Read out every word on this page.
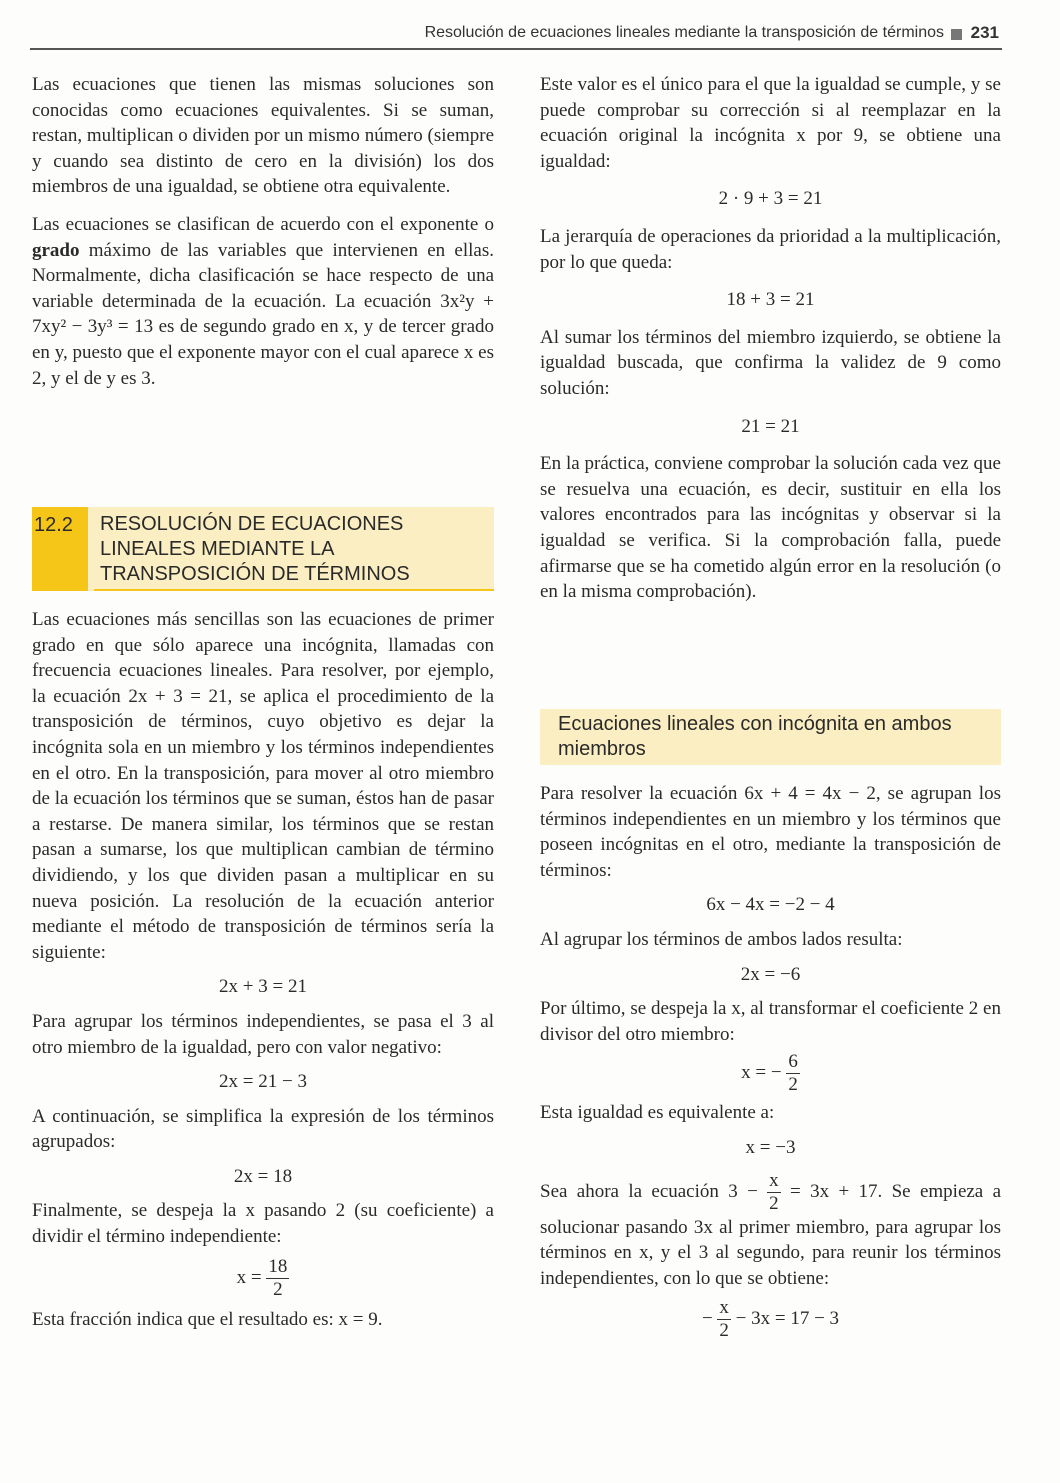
Resolución de ecuaciones lineales mediante la transposición de términos 231

Las ecuaciones que tienen las mismas soluciones son conocidas como ecuaciones equivalentes. Si se suman, restan, multiplican o dividen por un mismo número (siempre y cuando sea distinto de cero en la división) los dos miembros de una igualdad, se obtiene otra equivalente.

Las ecuaciones se clasifican de acuerdo con el exponente o grado máximo de las variables que intervienen en ellas. Normalmente, dicha clasificación se hace respecto de una variable determinada de la ecuación. La ecuación 3x²y + 7xy² − 3y³ = 13 es de segundo grado en x, y de tercer grado en y, puesto que el exponente mayor con el cual aparece x es 2, y el de y es 3.

12.2	RESOLUCIÓN DE ECUACIONES LINEALES MEDIANTE LA TRANSPOSICIÓN DE TÉRMINOS

Las ecuaciones más sencillas son las ecuaciones de primer grado en que sólo aparece una incógnita, llamadas con frecuencia ecuaciones lineales. Para resolver, por ejemplo, la ecuación 2x + 3 = 21, se aplica el procedimiento de la transposición de términos, cuyo objetivo es dejar la incógnita sola en un miembro y los términos independientes en el otro. En la transposición, para mover al otro miembro de la ecuación los términos que se suman, éstos han de pasar a restarse. De manera similar, los términos que se restan pasan a sumarse, los que multiplican cambian de término dividiendo, y los que dividen pasan a multiplicar en su nueva posición. La resolución de la ecuación anterior mediante el método de transposición de términos sería la siguiente:

2x + 3 = 21

Para agrupar los términos independientes, se pasa el 3 al otro miembro de la igualdad, pero con valor negativo:

2x = 21 − 3

A continuación, se simplifica la expresión de los términos agrupados:

2x = 18

Finalmente, se despeja la x pasando 2 (su coeficiente) a dividir el término independiente:

$x = \frac{18}{2}$

Esta fracción indica que el resultado es: x = 9.

Este valor es el único para el que la igualdad se cumple, y se puede comprobar su corrección si al reemplazar en la ecuación original la incógnita x por 9, se obtiene una igualdad:

2 · 9 + 3 = 21

La jerarquía de operaciones da prioridad a la multiplicación, por lo que queda:

18 + 3 = 21

Al sumar los términos del miembro izquierdo, se obtiene la igualdad buscada, que confirma la validez de 9 como solución:

21 = 21

En la práctica, conviene comprobar la solución cada vez que se resuelva una ecuación, es decir, sustituir en ella los valores encontrados para las incógnitas y observar si la igualdad se verifica. Si la comprobación falla, puede afirmarse que se ha cometido algún error en la resolución (o en la misma comprobación).

Ecuaciones lineales con incógnita en ambos miembros

Para resolver la ecuación 6x + 4 = 4x − 2, se agrupan los términos independientes en un miembro y los términos que poseen incógnitas en el otro, mediante la transposición de términos:

6x − 4x = −2 − 4

Al agrupar los términos de ambos lados resulta:

2x = −6

Por último, se despeja la x, al transformar el coeficiente 2 en divisor del otro miembro:

x = − $\frac{6}{2}$

Esta igualdad es equivalente a:

x = −3

Sea ahora la ecuación $3 - \frac{x}{2} = 3x + 17$. Se empieza a solucionar pasando 3x al primer miembro, para agrupar los términos en x, y el 3 al segundo, para reunir los términos independientes, con lo que se obtiene:

− $\frac{x}{2} - 3x = 17 - 3$
